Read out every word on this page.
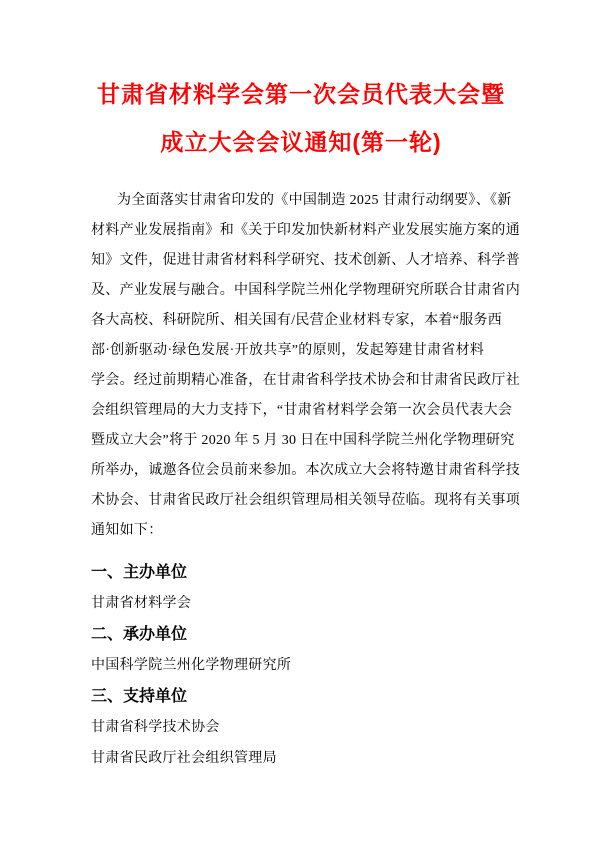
甘肃省材料学会第一次会员代表大会暨
成立大会会议通知(第一轮)
为全面落实甘肃省印发的《中国制造 2025 甘肃行动纲要》、《新
材料产业发展指南》和《关于印发加快新材料产业发展实施方案的通
知》文件，促进甘肃省材料科学研究、技术创新、人才培养、科学普
及、产业发展与融合。中国科学院兰州化学物理研究所联合甘肃省内
各大高校、科研院所、相关国有/民营企业材料专家，本着“服务西
部·创新驱动·绿色发展·开放共享”的原则，发起筹建甘肃省材料
学会。经过前期精心准备，在甘肃省科学技术协会和甘肃省民政厅社
会组织管理局的大力支持下，“甘肃省材料学会第一次会员代表大会
暨成立大会”将于 2020 年 5 月 30 日在中国科学院兰州化学物理研究
所举办，诚邀各位会员前来参加。本次成立大会将特邀甘肃省科学技
术协会、甘肃省民政厅社会组织管理局相关领导莅临。现将有关事项
通知如下：
一、主办单位
甘肃省材料学会
二、承办单位
中国科学院兰州化学物理研究所
三、支持单位
甘肃省科学技术协会
甘肃省民政厅社会组织管理局
